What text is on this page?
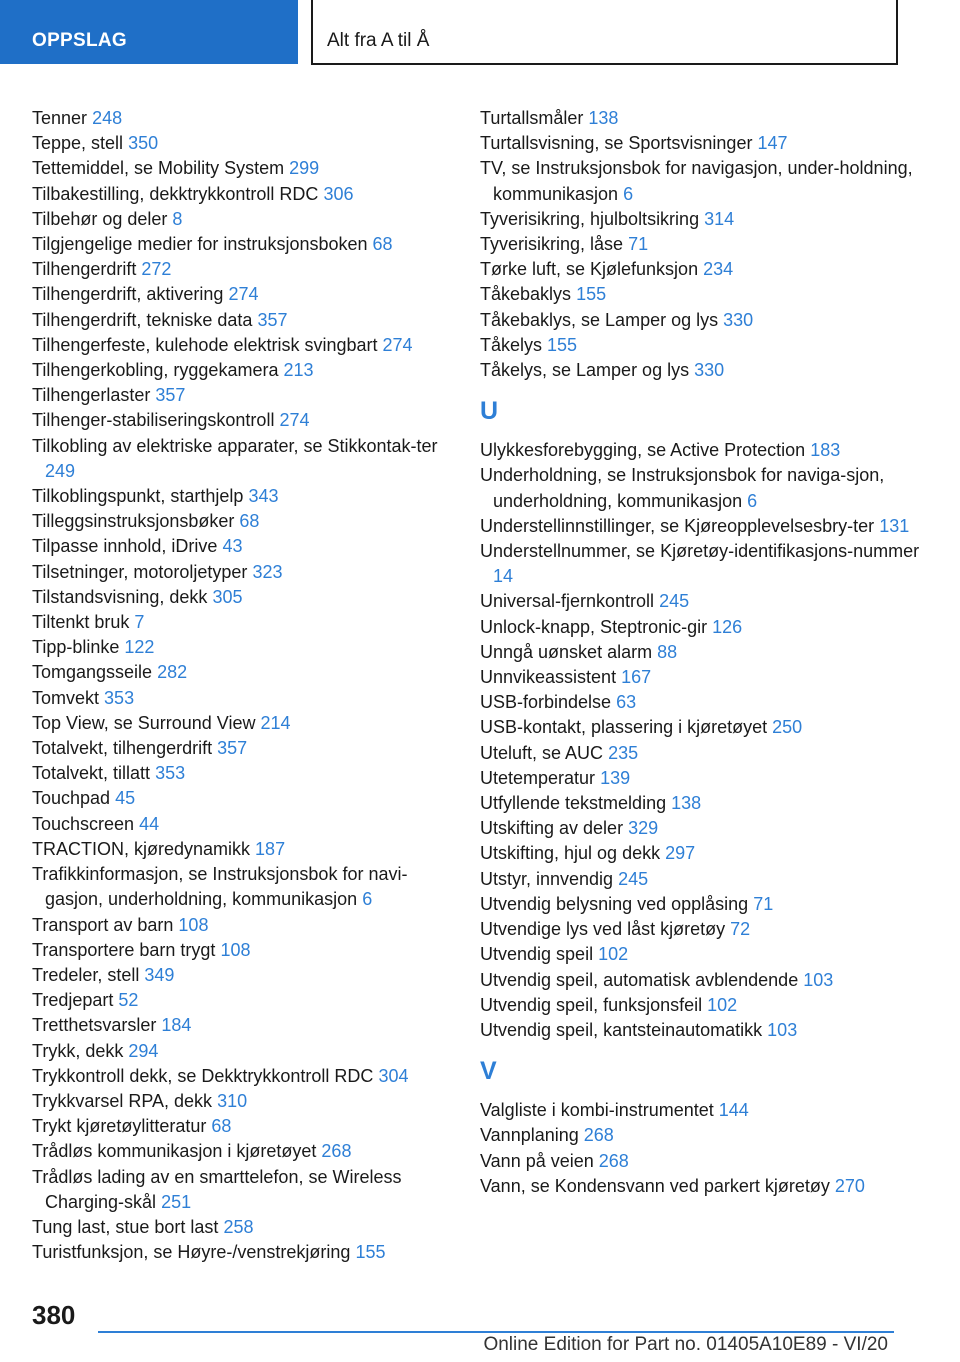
OPPSLAG	Alt fra A til Å

Tenner 248

Teppe, stell 350

Tettemiddel, se Mobility System 299

Tilbakestilling, dekktrykkontroll RDC 306

Tilbehør og deler 8

Tilgjengelige medier for instruksjonsboken 68

Tilhengerdrift 272

Tilhengerdrift, aktivering 274

Tilhengerdrift, tekniske data 357

Tilhengerfeste, kulehode elektrisk svingbart 274

Tilhengerkobling, ryggekamera 213

Tilhengerlaster 357

Tilhenger-stabiliseringskontroll 274

Tilkobling av elektriske apparater, se Stikkontak-ter 249

Tilkoblingspunkt, starthjelp 343

Tilleggsinstruksjonsbøker 68

Tilpasse innhold, iDrive 43

Tilsetninger, motoroljetyper 323

Tilstandsvisning, dekk 305

Tiltenkt bruk 7

Tipp-blinke 122

Tomgangsseile 282

Tomvekt 353

Top View, se Surround View 214

Totalvekt, tilhengerdrift 357

Totalvekt, tillatt 353

Touchpad 45

Touchscreen 44

TRACTION, kjøredynamikk 187

Trafikkinformasjon, se Instruksjonsbok for navi-gasjon, underholdning, kommunikasjon 6

Transport av barn 108

Transportere barn trygt 108

Tredeler, stell 349

Tredjepart 52

Tretthetsvarsler 184

Trykk, dekk 294

Trykkontroll dekk, se Dekktrykkontroll RDC 304

Trykkvarsel RPA, dekk 310

Trykt kjøretøylitteratur 68

Trådløs kommunikasjon i kjøretøyet 268

Trådløs lading av en smarttelefon, se Wireless Charging-skål 251

Tung last, stue bort last 258

Turistfunksjon, se Høyre-/venstrekjøring 155

Turtallsmåler 138

Turtallsvisning, se Sportsvisninger 147

TV, se Instruksjonsbok for navigasjon, under-holdning, kommunikasjon 6

Tyverisikring, hjulboltsikring 314

Tyverisikring, låse 71

Tørke luft, se Kjølefunksjon 234

Tåkebaklys 155

Tåkebaklys, se Lamper og lys 330

Tåkelys 155

Tåkelys, se Lamper og lys 330

U

Ulykkesforebygging, se Active Protection 183

Underholdning, se Instruksjonsbok for naviga-sjon, underholdning, kommunikasjon 6

Understellinnstillinger, se Kjøreopplevelsesbry-ter 131

Understellnummer, se Kjøretøy-identifikasjons-nummer 14

Universal-fjernkontroll 245

Unlock-knapp, Steptronic-gir 126

Unngå uønsket alarm 88

Unnvikeassistent 167

USB-forbindelse 63

USB-kontakt, plassering i kjøretøyet 250

Uteluft, se AUC 235

Utetemperatur 139

Utfyllende tekstmelding 138

Utskifting av deler 329

Utskifting, hjul og dekk 297

Utstyr, innvendig 245

Utvendig belysning ved opplåsing 71

Utvendige lys ved låst kjøretøy 72

Utvendig speil 102

Utvendig speil, automatisk avblendende 103

Utvendig speil, funksjonsfeil 102

Utvendig speil, kantsteinautomatikk 103

V

Valgliste i kombi-instrumentet 144

Vannplaning 268

Vann på veien 268

Vann, se Kondensvann ved parkert kjøretøy 270

380
Online Edition for Part no. 01405A10E89 - VI/20
